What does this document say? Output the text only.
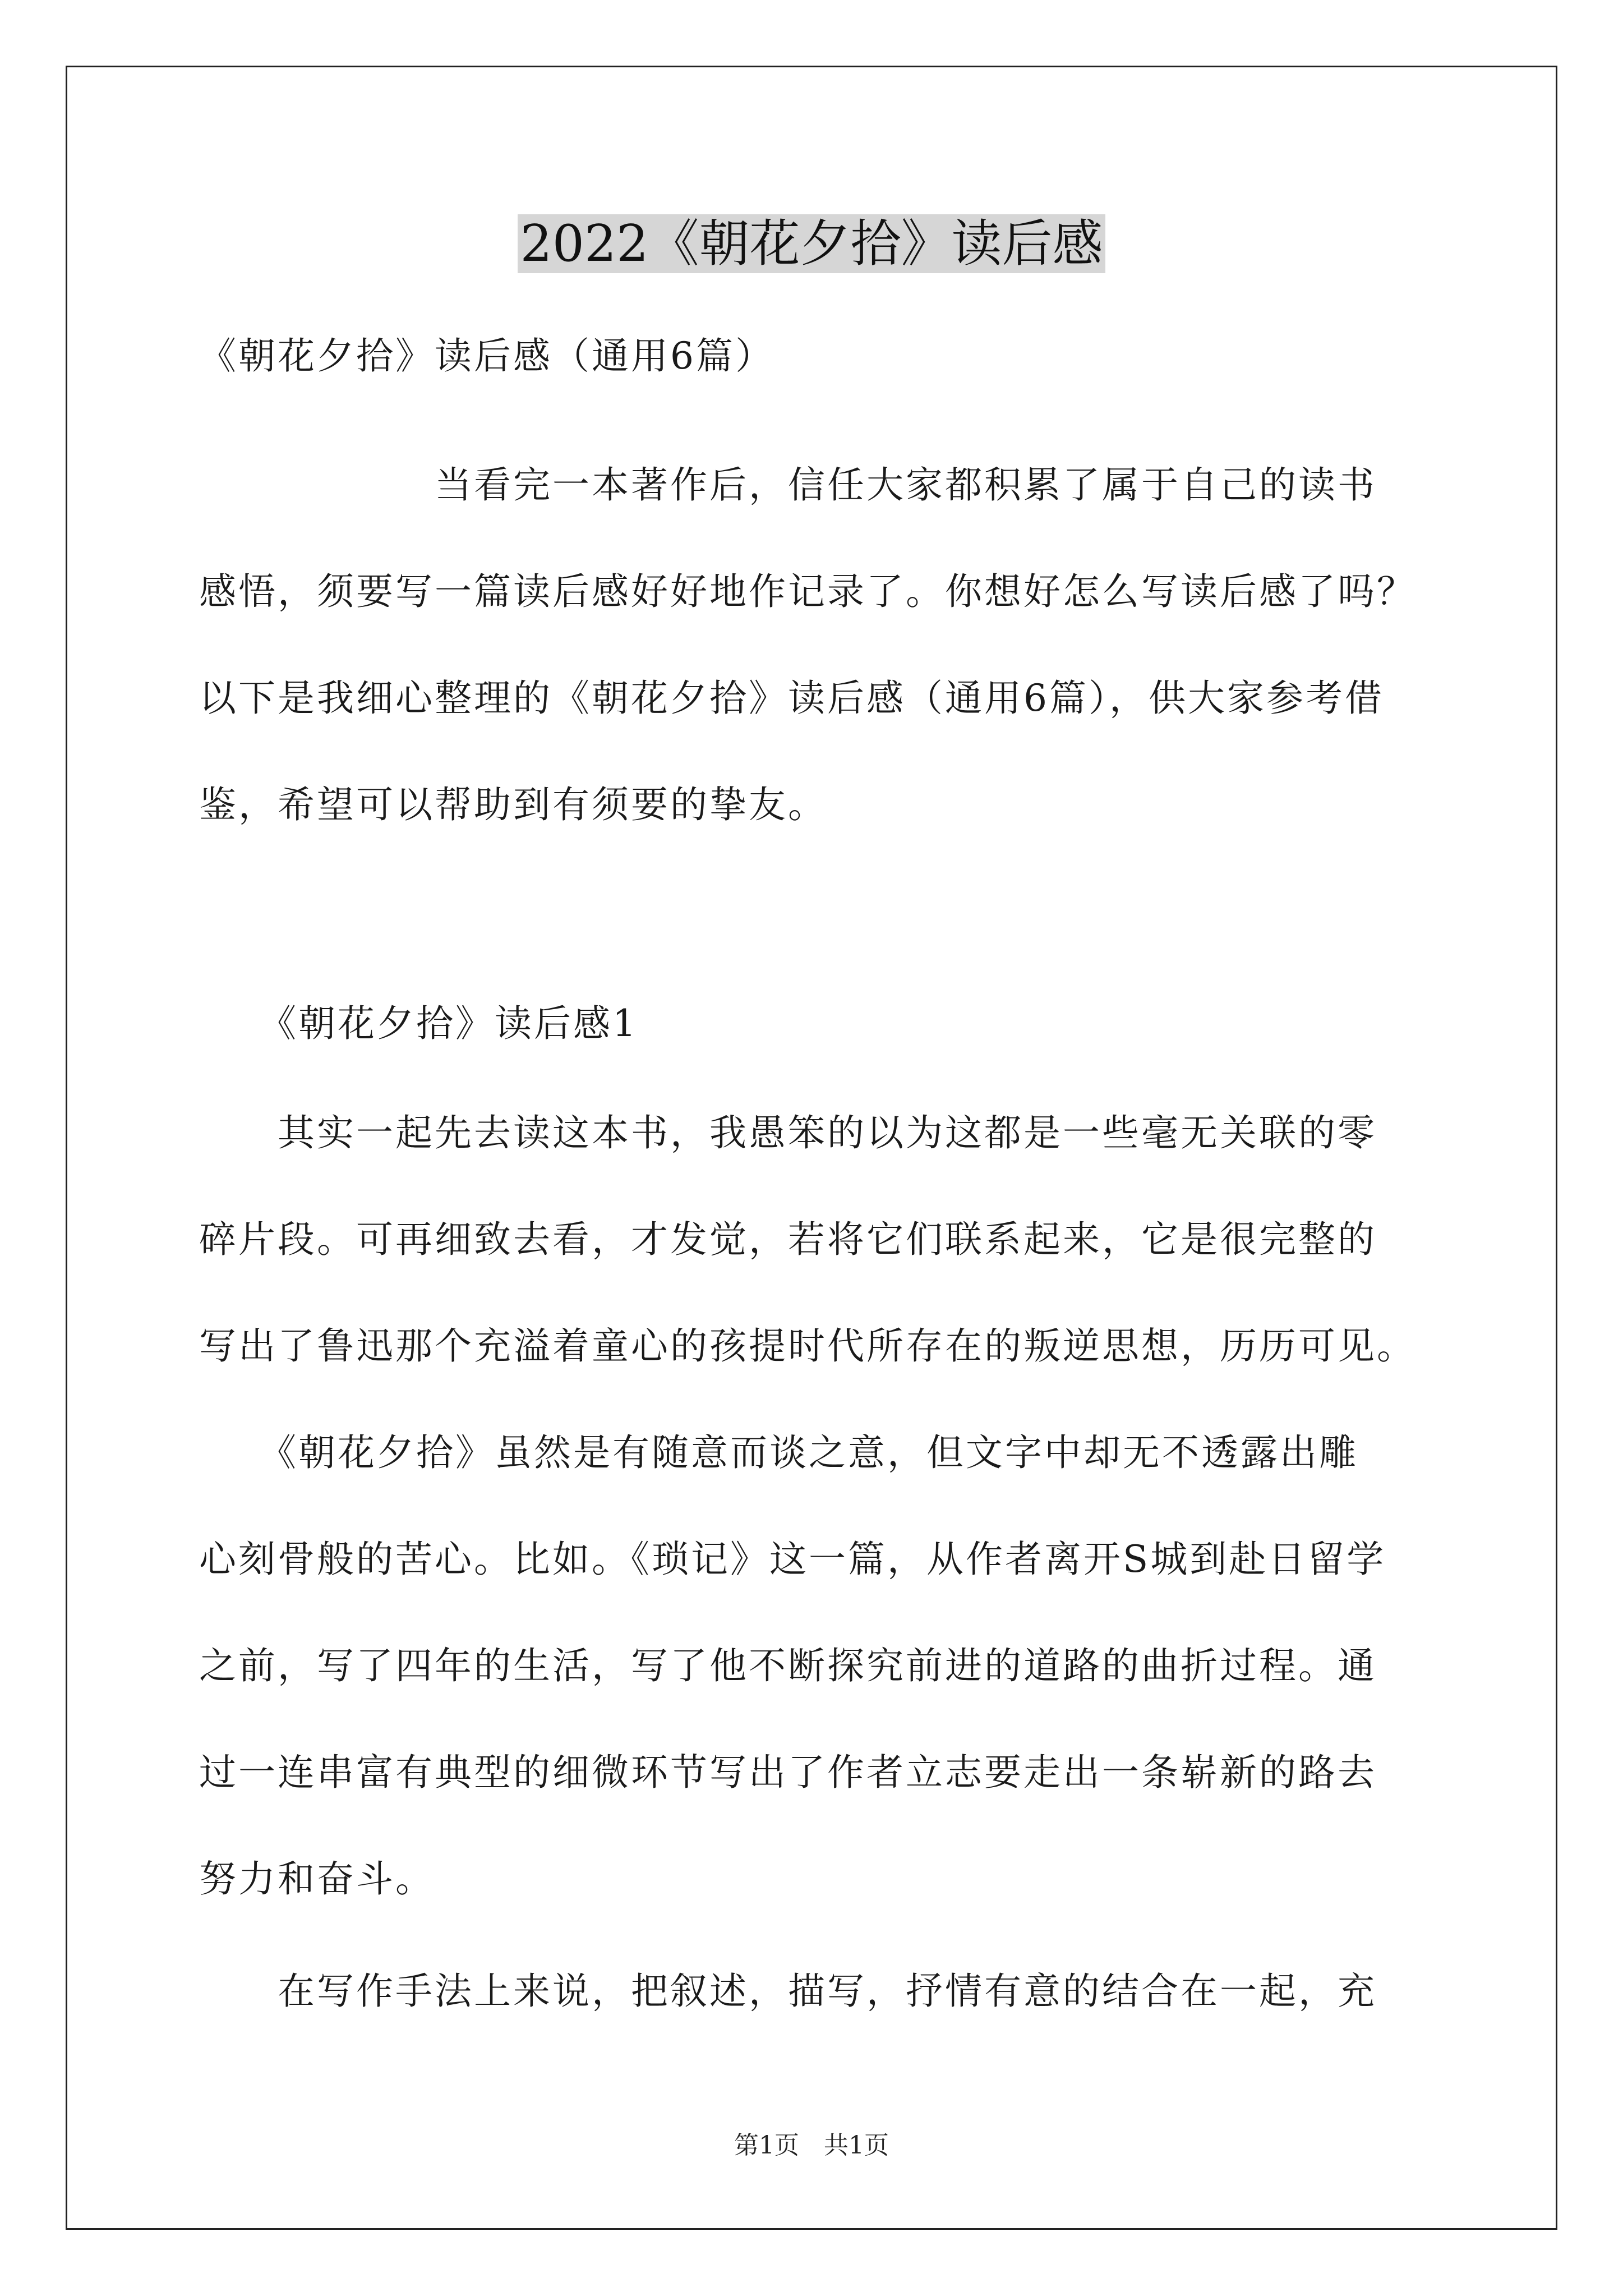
2022《朝花夕拾》读后感
《朝花夕拾》读后感（通用6篇）
　　　　　　当看完一本著作后，信任大家都积累了属于自己的读书
感悟，须要写一篇读后感好好地作记录了。你想好怎么写读后感了吗？
以下是我细心整理的《朝花夕拾》读后感（通用6篇），供大家参考借
鉴，希望可以帮助到有须要的挚友。
　　《朝花夕拾》读后感1
　　其实一起先去读这本书，我愚笨的以为这都是一些毫无关联的零
碎片段。可再细致去看，才发觉，若将它们联系起来，它是很完整的
写出了鲁迅那个充溢着童心的孩提时代所存在的叛逆思想，历历可见。
　　《朝花夕拾》虽然是有随意而谈之意，但文字中却无不透露出雕
心刻骨般的苦心。比如。《琐记》这一篇，从作者离开S城到赴日留学
之前，写了四年的生活，写了他不断探究前进的道路的曲折过程。通
过一连串富有典型的细微环节写出了作者立志要走出一条崭新的路去
努力和奋斗。
　　在写作手法上来说，把叙述，描写，抒情有意的结合在一起，充
第1页　共1页
